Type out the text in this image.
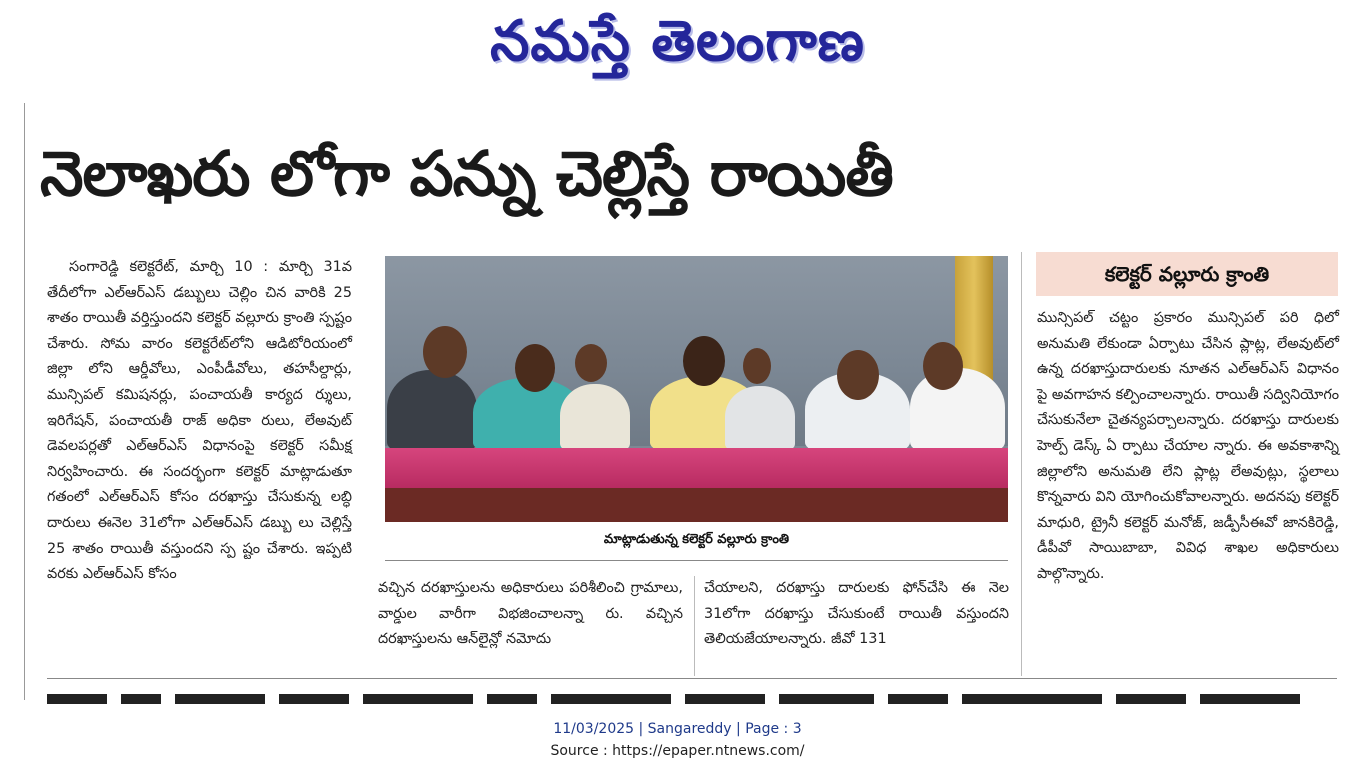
నమస్తే తెలంగాణ
నెలాఖరు లోగా పన్ను చెల్లిస్తే రాయితీ
సంగారెడ్డి కలెక్టరేట్, మార్చి 10 : మార్చి 31వ తేదీలోగా ఎల్ఆర్ఎస్ డబ్బులు చెల్లిం చిన వారికి 25 శాతం రాయితీ వర్తిస్తుందని కలెక్టర్ వల్లూరు క్రాంతి స్పష్టం చేశారు. సోమ వారం కలెక్టరేట్‌లోని ఆడిటోరియంలో జిల్లా లోని ఆర్డీవోలు, ఎంపీడీవోలు, తహసీల్దార్లు, మున్సిపల్ కమిషనర్లు, పంచాయతీ కార్యద ర్శులు, ఇరిగేషన్, పంచాయతీ రాజ్ అధికా రులు, లేఅవుట్ డెవలపర్లతో ఎల్ఆర్ఎస్ విధానంపై కలెక్టర్ సమీక్ష నిర్వహించారు. ఈ సందర్భంగా కలెక్టర్ మాట్లాడుతూ గతంలో ఎల్ఆర్ఎస్ కోసం దరఖాస్తు చేసుకున్న లబ్ధి దారులు ఈనెల 31లోగా ఎల్ఆర్ఎస్ డబ్బు లు చెల్లిస్తే 25 శాతం రాయితీ వస్తుందని స్ప ష్టం చేశారు. ఇప్పటి వరకు ఎల్ఆర్ఎస్ కోసం
మాట్లాడుతున్న కలెక్టర్ వల్లూరు క్రాంతి
వచ్చిన దరఖాస్తులను అధికారులు పరిశీలించి గ్రామాలు, వార్డుల వారీగా విభజించాలన్నా రు. వచ్చిన దరఖాస్తులను ఆన్‌లైన్లో నమోదు
చేయాలని, దరఖాస్తు దారులకు ఫోన్‌చేసి ఈ నెల 31లోగా దరఖాస్తు చేసుకుంటే రాయితీ వస్తుందని తెలియజేయాలన్నారు. జీవో 131
కలెక్టర్ వల్లూరు క్రాంతి
మున్సిపల్ చట్టం ప్రకారం మున్సిపల్ పరి ధిలో అనుమతి లేకుండా ఏర్పాటు చేసిన ప్లాట్ల, లేఅవుట్‌లో ఉన్న దరఖాస్తుదారులకు నూతన ఎల్ఆర్ఎస్ విధానం పై అవగాహన కల్పించాలన్నారు. రాయితీ సద్వినియోగం చేసుకునేలా చైతన్యపర్చాలన్నారు. దరఖాస్తు దారులకు హెల్ప్ డెస్క్ ఏ ర్పాటు చేయాల న్నారు. ఈ అవకాశాన్ని జిల్లాలోని అనుమతి లేని ప్లాట్ల లేఅవుట్లు, స్థలాలు కొన్నవారు విని యోగించుకోవాలన్నారు. అదనపు కలెక్టర్ మాధురి, ట్రైనీ కలెక్టర్ మనోజ్, జడ్పీసీఈవో జానకిరెడ్డి, డీపీవో సాయిబాబా, వివిధ శాఖల అధికారులు పాల్గొన్నారు.
11/03/2025 | Sangareddy | Page : 3
Source : https://epaper.ntnews.com/
